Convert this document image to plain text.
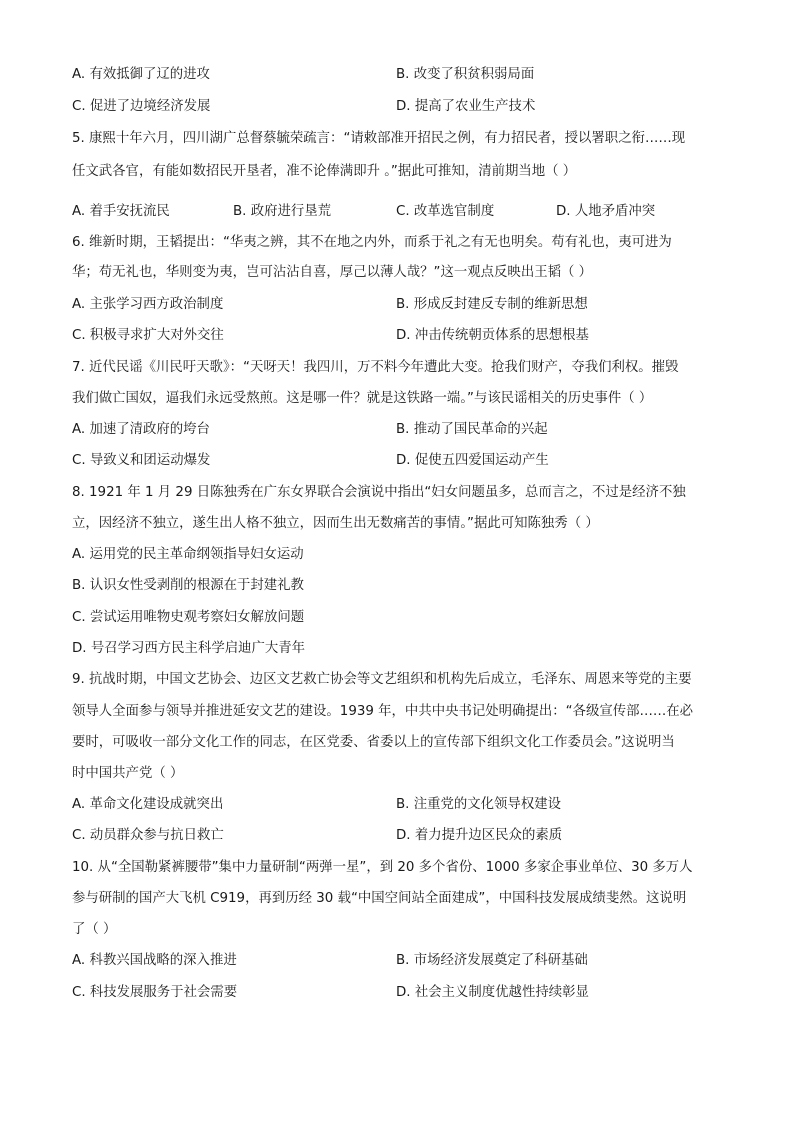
A. 有效抵御了辽的进攻	B. 改变了积贫积弱局面
C. 促进了边境经济发展	D. 提高了农业生产技术
5. 康熙十年六月，四川湖广总督蔡毓荣疏言：“请敕部准开招民之例，有力招民者，授以署职之衔……现
任文武各官，有能如数招民开垦者，准不论俸满即升 。”据此可推知，清前期当地（ ）
A. 着手安抚流民	B. 政府进行垦荒	C. 改革选官制度	D. 人地矛盾冲突
6. 维新时期，王韬提出：“华夷之辨，其不在地之内外，而系于礼之有无也明矣。苟有礼也，夷可进为
华；苟无礼也，华则变为夷，岂可沾沾自喜，厚己以薄人哉？”这一观点反映出王韬（ ）
A. 主张学习西方政治制度	B. 形成反封建反专制的维新思想
C. 积极寻求扩大对外交往	D. 冲击传统朝贡体系的思想根基
7. 近代民谣《川民吁天歌》：“天呀天！我四川，万不料今年遭此大变。抢我们财产，夺我们利权。摧毁
我们做亡国奴，逼我们永远受熬煎。这是哪一件？就是这铁路一端。”与该民谣相关的历史事件（ ）
A. 加速了清政府的垮台	B. 推动了国民革命的兴起
C. 导致义和团运动爆发	D. 促使五四爱国运动产生
8. 1921 年 1 月 29 日陈独秀在广东女界联合会演说中指出“妇女问题虽多，总而言之，不过是经济不独
立，因经济不独立，遂生出人格不独立，因而生出无数痛苦的事情。”据此可知陈独秀（ ）
A. 运用党的民主革命纲领指导妇女运动
B. 认识女性受剥削的根源在于封建礼教
C. 尝试运用唯物史观考察妇女解放问题
D. 号召学习西方民主科学启迪广大青年
9. 抗战时期，中国文艺协会、边区文艺救亡协会等文艺组织和机构先后成立，毛泽东、周恩来等党的主要
领导人全面参与领导并推进延安文艺的建设。1939 年，中共中央书记处明确提出：“各级宣传部……在必
要时，可吸收一部分文化工作的同志，在区党委、省委以上的宣传部下组织文化工作委员会。”这说明当
时中国共产党（ ）
A. 革命文化建设成就突出	B. 注重党的文化领导权建设
C. 动员群众参与抗日救亡	D. 着力提升边区民众的素质
10. 从“全国勒紧裤腰带”集中力量研制“两弹一星”，到 20 多个省份、1000 多家企事业单位、30 多万人
参与研制的国产大飞机 C919，再到历经 30 载“中国空间站全面建成”，中国科技发展成绩斐然。这说明
了（ ）
A. 科教兴国战略的深入推进	B. 市场经济发展奠定了科研基础
C. 科技发展服务于社会需要	D. 社会主义制度优越性持续彰显
